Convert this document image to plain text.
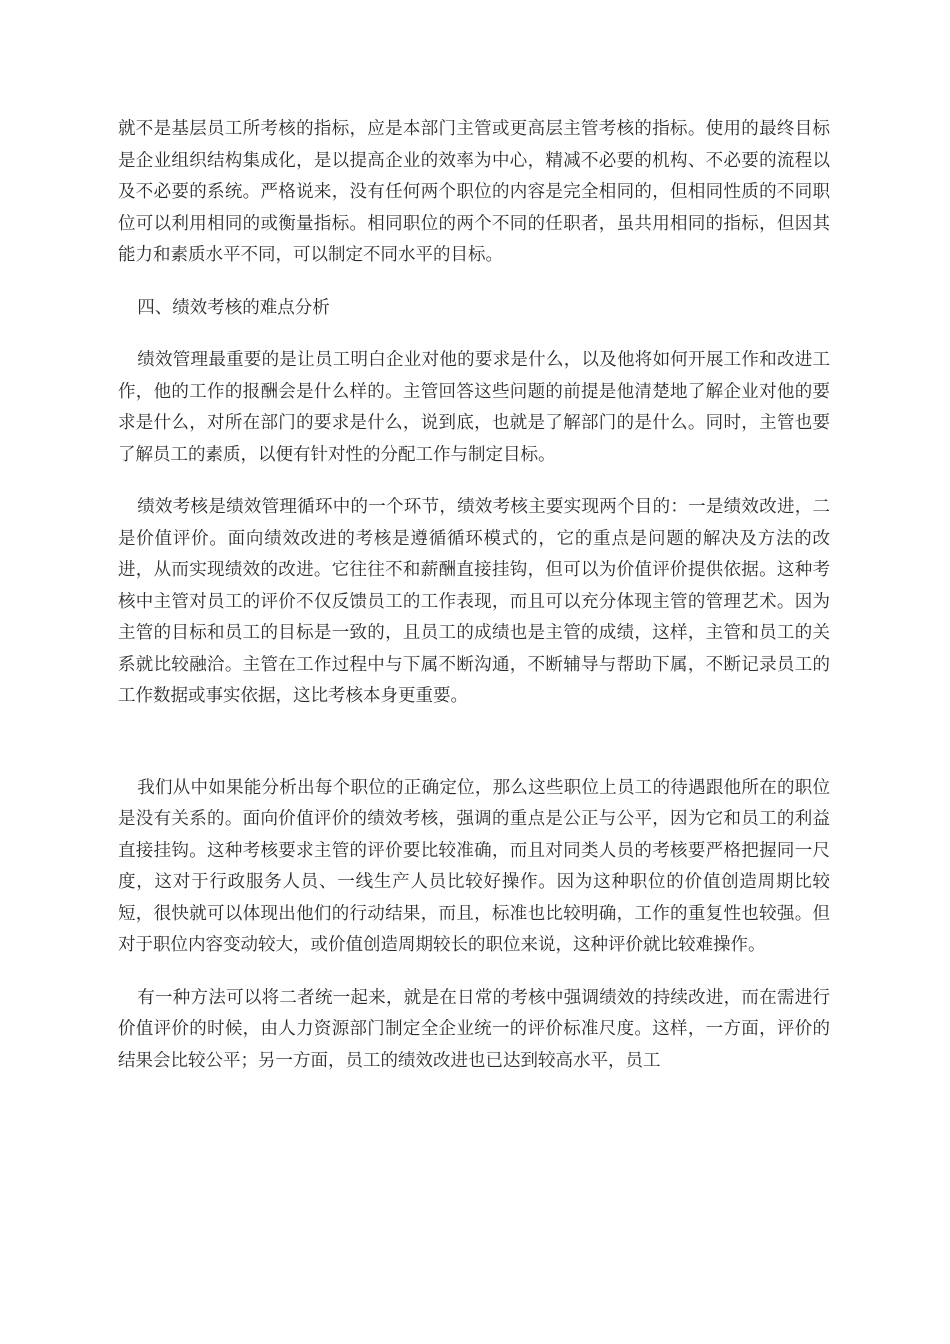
就不是基层员工所考核的指标，应是本部门主管或更高层主管考核的指标。使用的最终目标是企业组织结构集成化，是以提高企业的效率为中心，精减不必要的机构、不必要的流程以及不必要的系统。严格说来，没有任何两个职位的内容是完全相同的，但相同性质的不同职位可以利用相同的或衡量指标。相同职位的两个不同的任职者，虽共用相同的指标，但因其能力和素质水平不同，可以制定不同水平的目标。

四、绩效考核的难点分析

绩效管理最重要的是让员工明白企业对他的要求是什么，以及他将如何开展工作和改进工作，他的工作的报酬会是什么样的。主管回答这些问题的前提是他清楚地了解企业对他的要求是什么，对所在部门的要求是什么，说到底，也就是了解部门的是什么。同时，主管也要了解员工的素质，以便有针对性的分配工作与制定目标。

绩效考核是绩效管理循环中的一个环节，绩效考核主要实现两个目的：一是绩效改进，二是价值评价。面向绩效改进的考核是遵循循环模式的，它的重点是问题的解决及方法的改进，从而实现绩效的改进。它往往不和薪酬直接挂钩，但可以为价值评价提供依据。这种考核中主管对员工的评价不仅反馈员工的工作表现，而且可以充分体现主管的管理艺术。因为主管的目标和员工的目标是一致的，且员工的成绩也是主管的成绩，这样，主管和员工的关系就比较融洽。主管在工作过程中与下属不断沟通，不断辅导与帮助下属，不断记录员工的工作数据或事实依据，这比考核本身更重要。

我们从中如果能分析出每个职位的正确定位，那么这些职位上员工的待遇跟他所在的职位是没有关系的。面向价值评价的绩效考核，强调的重点是公正与公平，因为它和员工的利益直接挂钩。这种考核要求主管的评价要比较准确，而且对同类人员的考核要严格把握同一尺度，这对于行政服务人员、一线生产人员比较好操作。因为这种职位的价值创造周期比较短，很快就可以体现出他们的行动结果，而且，标准也比较明确，工作的重复性也较强。但对于职位内容变动较大，或价值创造周期较长的职位来说，这种评价就比较难操作。

有一种方法可以将二者统一起来，就是在日常的考核中强调绩效的持续改进，而在需进行价值评价的时候，由人力资源部门制定全企业统一的评价标准尺度。这样，一方面，评价的结果会比较公平；另一方面，员工的绩效改进也已达到较高水平，员工
